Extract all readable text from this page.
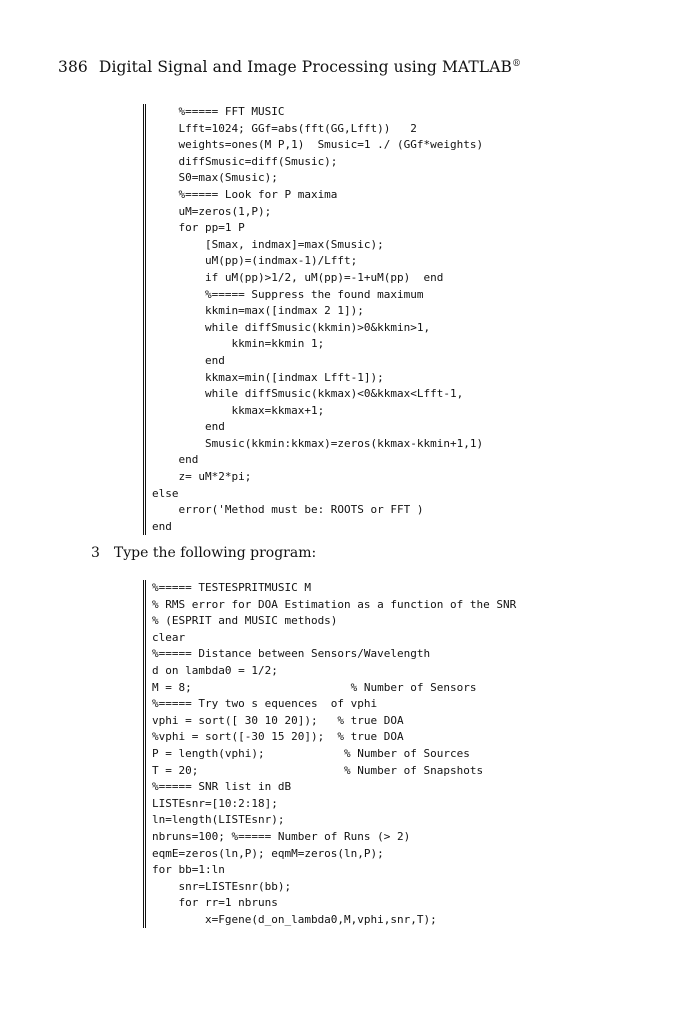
386 Digital Signal and Image Processing using MATLAB®
%===== FFT MUSIC
Lfft=1024; GGf=abs(fft(GG,Lfft))   2
weights=ones(M P,1)  Smusic=1 ./ (GGf*weights)
diffSmusic=diff(Smusic);
S0=max(Smusic);
%===== Look for P maxima
uM=zeros(1,P);
for pp=1 P
[Smax, indmax]=max(Smusic);
uM(pp)=(indmax-1)/Lfft;
if uM(pp)>1/2, uM(pp)=-1+uM(pp)  end
%===== Suppress the found maximum
kkmin=max([indmax 2 1]);
while diffSmusic(kkmin)>0&kkmin>1,
kkmin=kkmin 1;
end
kkmax=min([indmax Lfft-1]);
while diffSmusic(kkmax)<0&kkmax<Lfft-1,
kkmax=kkmax+1;
end
Smusic(kkmin:kkmax)=zeros(kkmax-kkmin+1,1)
end
z= uM*2*pi;
else
error('Method must be: ROOTS or FFT )
end
3 Type the following program:
%===== TESTESPRITMUSIC M
% RMS error for DOA Estimation as a function of the SNR
% (ESPRIT and MUSIC methods)
clear
%===== Distance between Sensors/Wavelength
d on lambda0 = 1/2;
M = 8;                        % Number of Sensors
%===== Try two s equences  of vphi
vphi = sort([ 30 10 20]);   % true DOA
%vphi = sort([-30 15 20]);  % true DOA
P = length(vphi);            % Number of Sources
T = 20;                      % Number of Snapshots
%===== SNR list in dB
LISTEsnr=[10:2:18];
ln=length(LISTEsnr);
nbruns=100; %===== Number of Runs (> 2)
eqmE=zeros(ln,P); eqmM=zeros(ln,P);
for bb=1:ln
snr=LISTEsnr(bb);
for rr=1 nbruns
x=Fgene(d_on_lambda0,M,vphi,snr,T);
